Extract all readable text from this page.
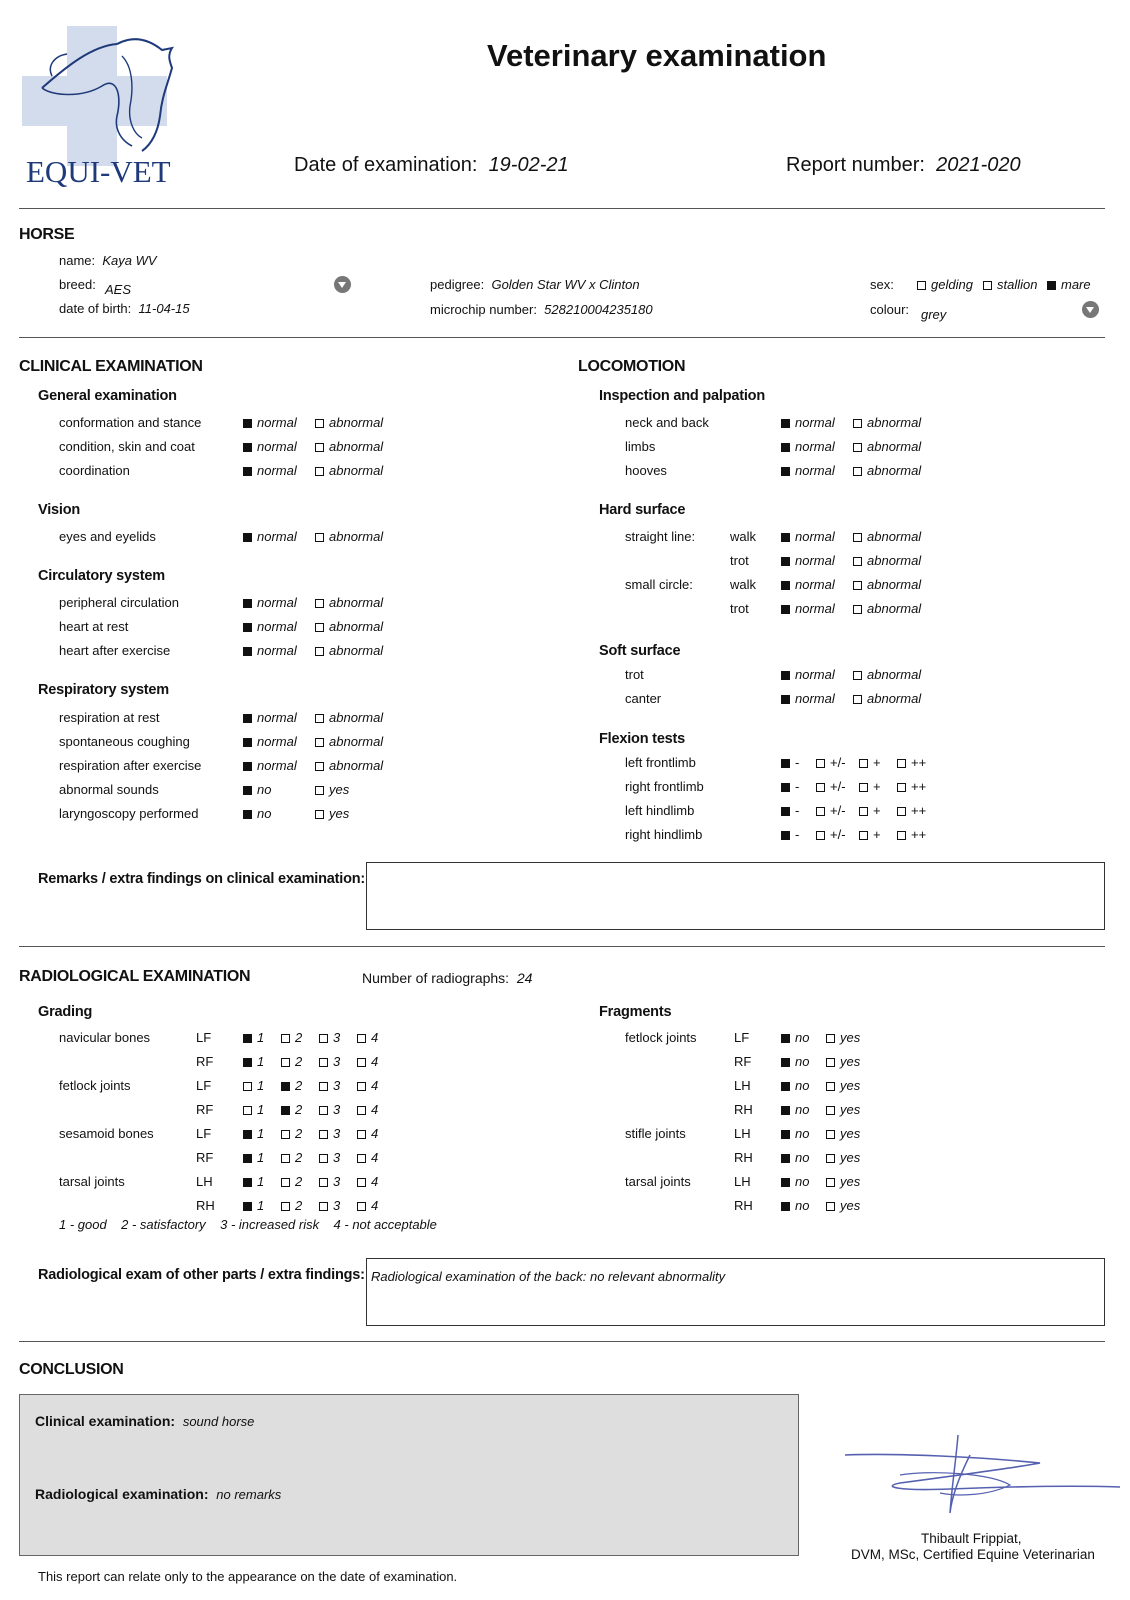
EQUI-VET
Veterinary examination
Date of examination: 19-02-21	Report number: 2021-020
HORSE
name: Kaya WV
breed: AES
date of birth: 11-04-15
pedigree: Golden Star WV x Clinton
microchip number: 528210004235180
sex:	gelding	stallion	mare
colour: grey
CLINICAL EXAMINATION	LOCOMOTION
General examination
conformation and stance	normal	abnormal
condition, skin and coat	normal	abnormal
coordination	normal	abnormal
Vision
eyes and eyelids	normal	abnormal
Circulatory system
peripheral circulation	normal	abnormal
heart at rest	normal	abnormal
heart after exercise	normal	abnormal
Respiratory system
respiration at rest	normal	abnormal
spontaneous coughing	normal	abnormal
respiration after exercise	normal	abnormal
abnormal sounds	no	yes
laryngoscopy performed	no	yes
Inspection and palpation
neck and back	normal	abnormal
limbs	normal	abnormal
hooves	normal	abnormal
Hard surface
straight line:	walk	normal	abnormal
trot	normal	abnormal
small circle:	walk	normal	abnormal
trot	normal	abnormal
Soft surface
trot	normal	abnormal
canter	normal	abnormal
Flexion tests
left frontlimb	-	+/-	+	++
right frontlimb	-	+/-	+	++
left hindlimb	-	+/-	+	++
right hindlimb	-	+/-	+	++
Grading
navicular bones	LF	1	2	3	4
RF	1	2	3	4
fetlock joints	LF	1	2	3	4
RF	1	2	3	4
sesamoid bones	LF	1	2	3	4
RF	1	2	3	4
tarsal joints	LH	1	2	3	4
RH	1	2	3	4
Fragments
fetlock joints	LF	no	yes
RF	no	yes
LH	no	yes
RH	no	yes
stifle joints	LH	no	yes
RH	no	yes
tarsal joints	LH	no	yes
RH	no	yes
Remarks / extra findings on clinical examination:
RADIOLOGICAL EXAMINATION	Number of radiographs: 24
1 - good    2 - satisfactory    3 - increased risk    4 - not acceptable
Radiological exam of other parts / extra findings: Radiological examination of the back: no relevant abnormality
CONCLUSION
Clinical examination: sound horse
Radiological examination: no remarks
Thibault Frippiat,
DVM, MSc, Certified Equine Veterinarian
This report can relate only to the appearance on the date of examination.
